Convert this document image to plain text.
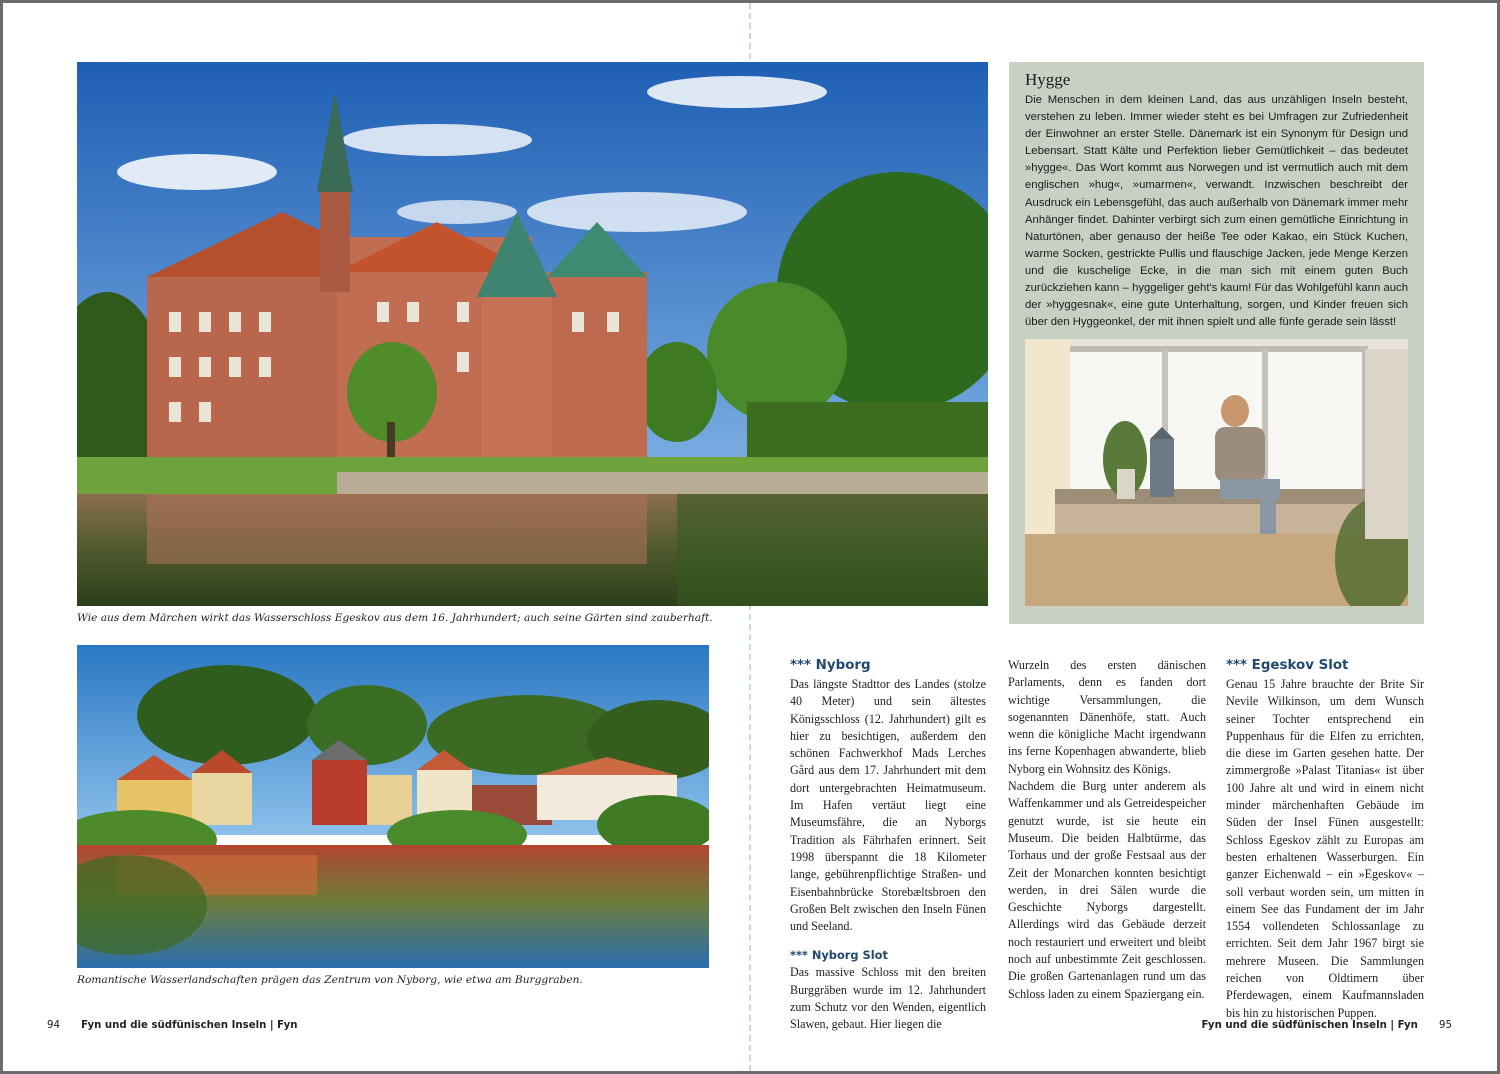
Wie aus dem Märchen wirkt das Wasserschloss Egeskov aus dem 16. Jahrhundert; auch seine Gärten sind zauberhaft.
Romantische Wasserlandschaften prägen das Zentrum von Nyborg, wie etwa am Burggraben.
Hygge
Die Menschen in dem kleinen Land, das aus unzähligen Inseln besteht, verstehen zu leben. Immer wieder steht es bei Umfragen zur Zufriedenheit der Einwohner an erster Stelle. Dänemark ist ein Synonym für Design und Lebensart. Statt Kälte und Perfektion lieber Gemütlichkeit – das bedeutet »hygge«. Das Wort kommt aus Norwegen und ist vermutlich auch mit dem englischen »hug«, »umarmen«, verwandt. Inzwischen beschreibt der Ausdruck ein Lebensgefühl, das auch außerhalb von Dänemark immer mehr Anhänger findet. Dahinter verbirgt sich zum einen gemütliche Einrichtung in Naturtönen, aber genauso der heiße Tee oder Kakao, ein Stück Kuchen, warme Socken, gestrickte Pullis und flauschige Jacken, jede Menge Kerzen und die kuschelige Ecke, in die man sich mit einem guten Buch zurückziehen kann – hyggeliger geht's kaum! Für das Wohlgefühl kann auch der »hyggesnak«, eine gute Unterhaltung, sorgen, und Kinder freuen sich über den Hyggeonkel, der mit ihnen spielt und alle fünfe gerade sein lässt!
*** Nyborg

Das längste Stadttor des Landes (stolze 40 Meter) und sein ältestes Königsschloss (12. Jahrhundert) gilt es hier zu besichtigen, außerdem den schönen Fachwerkhof Mads Lerches Gård aus dem 17. Jahrhundert mit dem dort untergebrachten Heimatmuseum. Im Hafen vertäut liegt eine Museumsfähre, die an Nyborgs Tradition als Fährhafen erinnert. Seit 1998 überspannt die 18 Kilometer lange, gebührenpflichtige Straßen- und Eisenbahnbrücke Storebæltsbroen den Großen Belt zwischen den Inseln Fünen und Seeland.

*** Nyborg Slot

Das massive Schloss mit den breiten Burggräben wurde im 12. Jahrhundert zum Schutz vor den Wenden, eigentlich Slawen, gebaut. Hier liegen die

Wurzeln des ersten dänischen Parlaments, denn es fanden dort wichtige Versammlungen, die sogenannten Dänenhöfe, statt. Auch wenn die königliche Macht irgendwann ins ferne Kopenhagen abwanderte, blieb Nyborg ein Wohnsitz des Königs.

Nachdem die Burg unter anderem als Waffenkammer und als Getreidespeicher genutzt wurde, ist sie heute ein Museum. Die beiden Halbtürme, das Torhaus und der große Festsaal aus der Zeit der Monarchen konnten besichtigt werden, in drei Sälen wurde die Geschichte Nyborgs dargestellt. Allerdings wird das Gebäude derzeit noch restauriert und erweitert und bleibt noch auf unbestimmte Zeit geschlossen. Die großen Gartenanlagen rund um das Schloss laden zu einem Spaziergang ein.

*** Egeskov Slot

Genau 15 Jahre brauchte der Brite Sir Nevile Wilkinson, um dem Wunsch seiner Tochter entsprechend ein Puppenhaus für die Elfen zu errichten, die diese im Garten gesehen hatte. Der zimmergroße »Palast Titanias« ist über 100 Jahre alt und wird in einem nicht minder märchenhaften Gebäude im Süden der Insel Fünen ausgestellt: Schloss Egeskov zählt zu Europas am besten erhaltenen Wasserburgen. Ein ganzer Eichenwald – ein »Egeskov« – soll verbaut worden sein, um mitten in einem See das Fundament der im Jahr 1554 vollendeten Schlossanlage zu errichten. Seit dem Jahr 1967 birgt sie mehrere Museen. Die Sammlungen reichen von Oldtimern über Pferdewagen, einem Kaufmannsladen bis hin zu historischen Puppen.

94 Fyn und die südfünischen Inseln | Fyn	Fyn und die südfünischen Inseln | Fyn 95
